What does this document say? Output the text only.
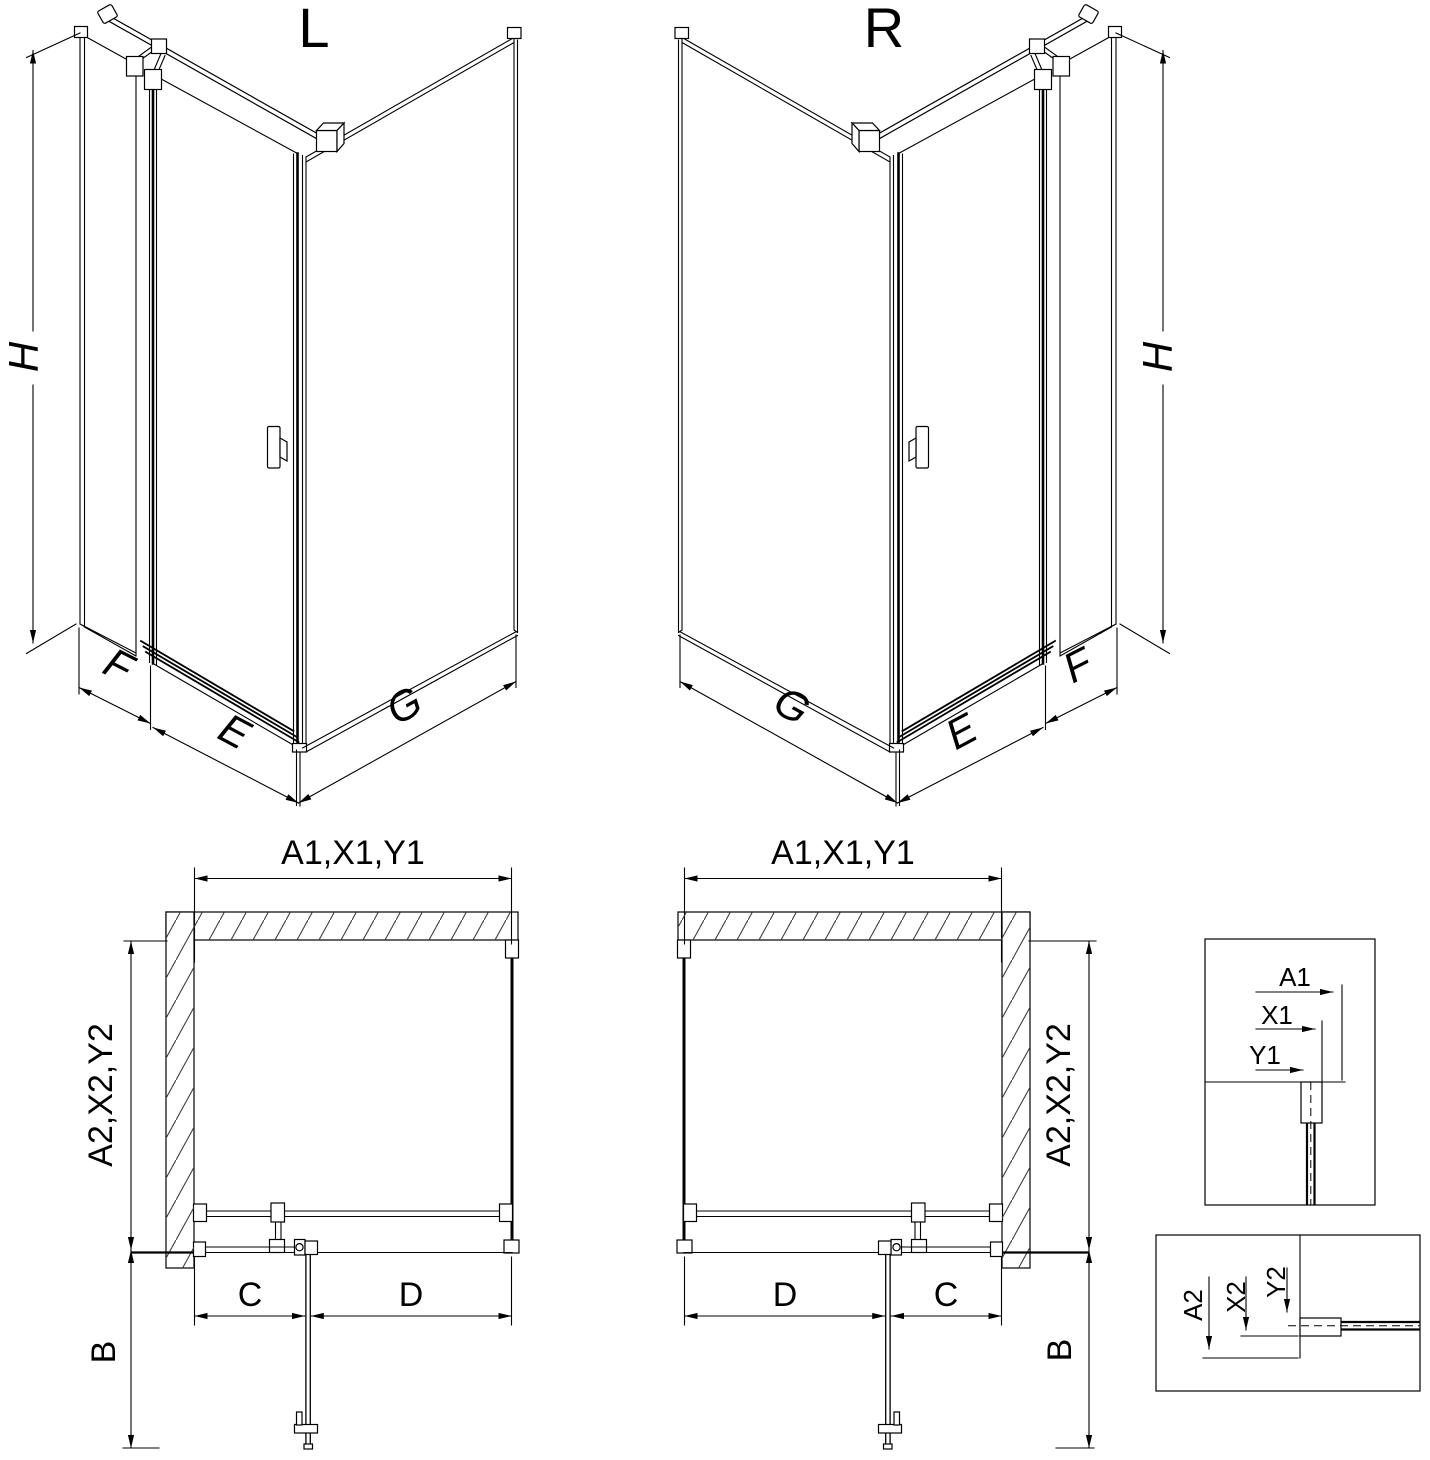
L
H
F
E	G
R
H
F
E
G
A1,X1,Y1
A2,X2,Y2
B
C	D
A1,X1,Y1
A2,X2,Y2
B
D	C
A1
X1
Y1
A2 X2 Y2
